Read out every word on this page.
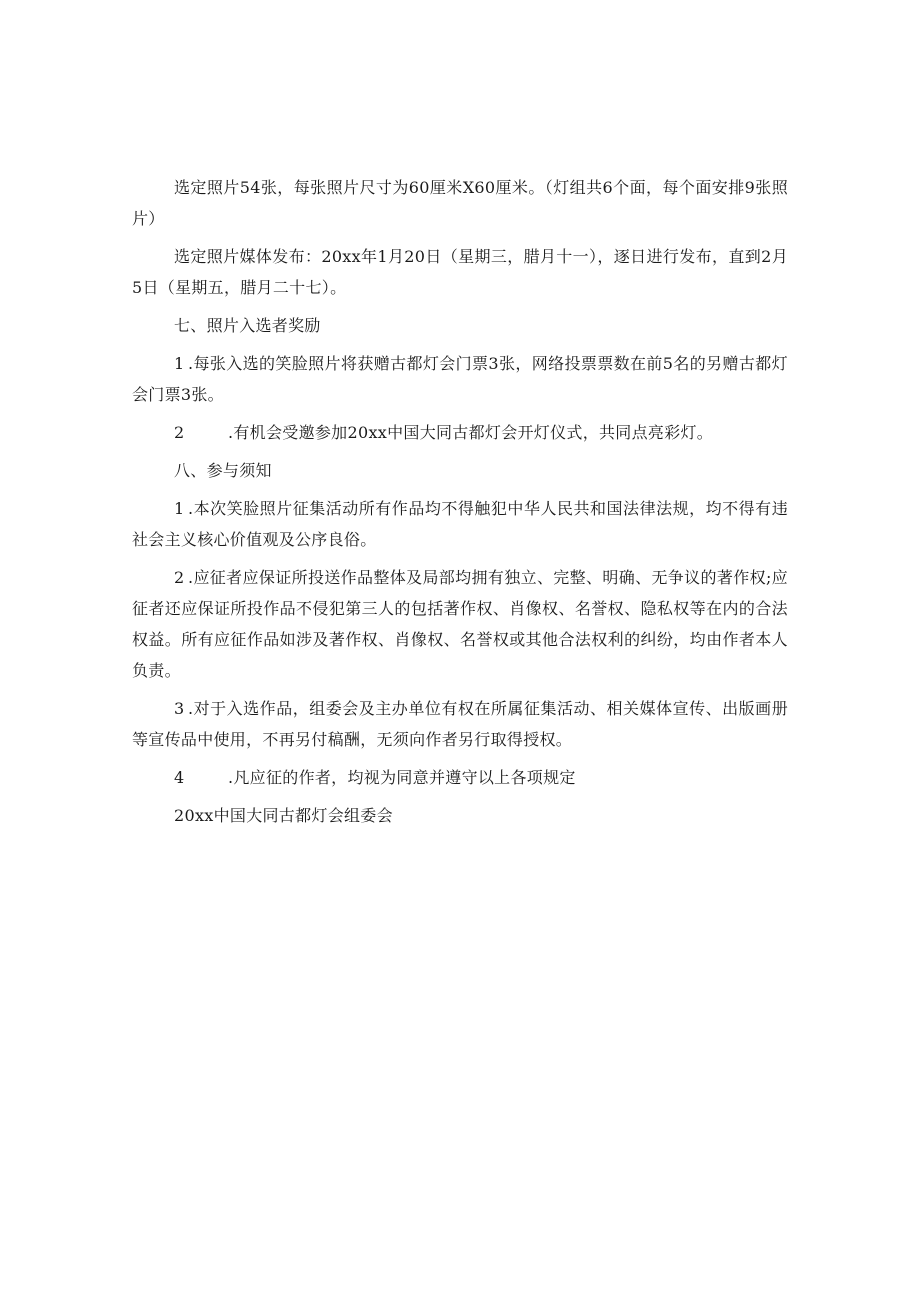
选定照片54张，每张照片尺寸为60厘米X60厘米。（灯组共6个面，每个面安排9张照片）

选定照片媒体发布：20xx年1月20日（星期三，腊月十一），逐日进行发布，直到2月5日（星期五，腊月二十七）。

七、照片入选者奖励

1 .每张入选的笑脸照片将获赠古都灯会门票3张，网络投票票数在前5名的另赠古都灯会门票3张。

2	.有机会受邀参加20xx中国大同古都灯会开灯仪式，共同点亮彩灯。

八、参与须知

1 .本次笑脸照片征集活动所有作品均不得触犯中华人民共和国法律法规，均不得有违社会主义核心价值观及公序良俗。

2 .应征者应保证所投送作品整体及局部均拥有独立、完整、明确、无争议的著作权;应征者还应保证所投作品不侵犯第三人的包括著作权、肖像权、名誉权、隐私权等在内的合法权益。所有应征作品如涉及著作权、肖像权、名誉权或其他合法权利的纠纷，均由作者本人负责。

3 .对于入选作品，组委会及主办单位有权在所属征集活动、相关媒体宣传、出版画册等宣传品中使用，不再另付稿酬，无须向作者另行取得授权。

4	.凡应征的作者，均视为同意并遵守以上各项规定

20xx中国大同古都灯会组委会
